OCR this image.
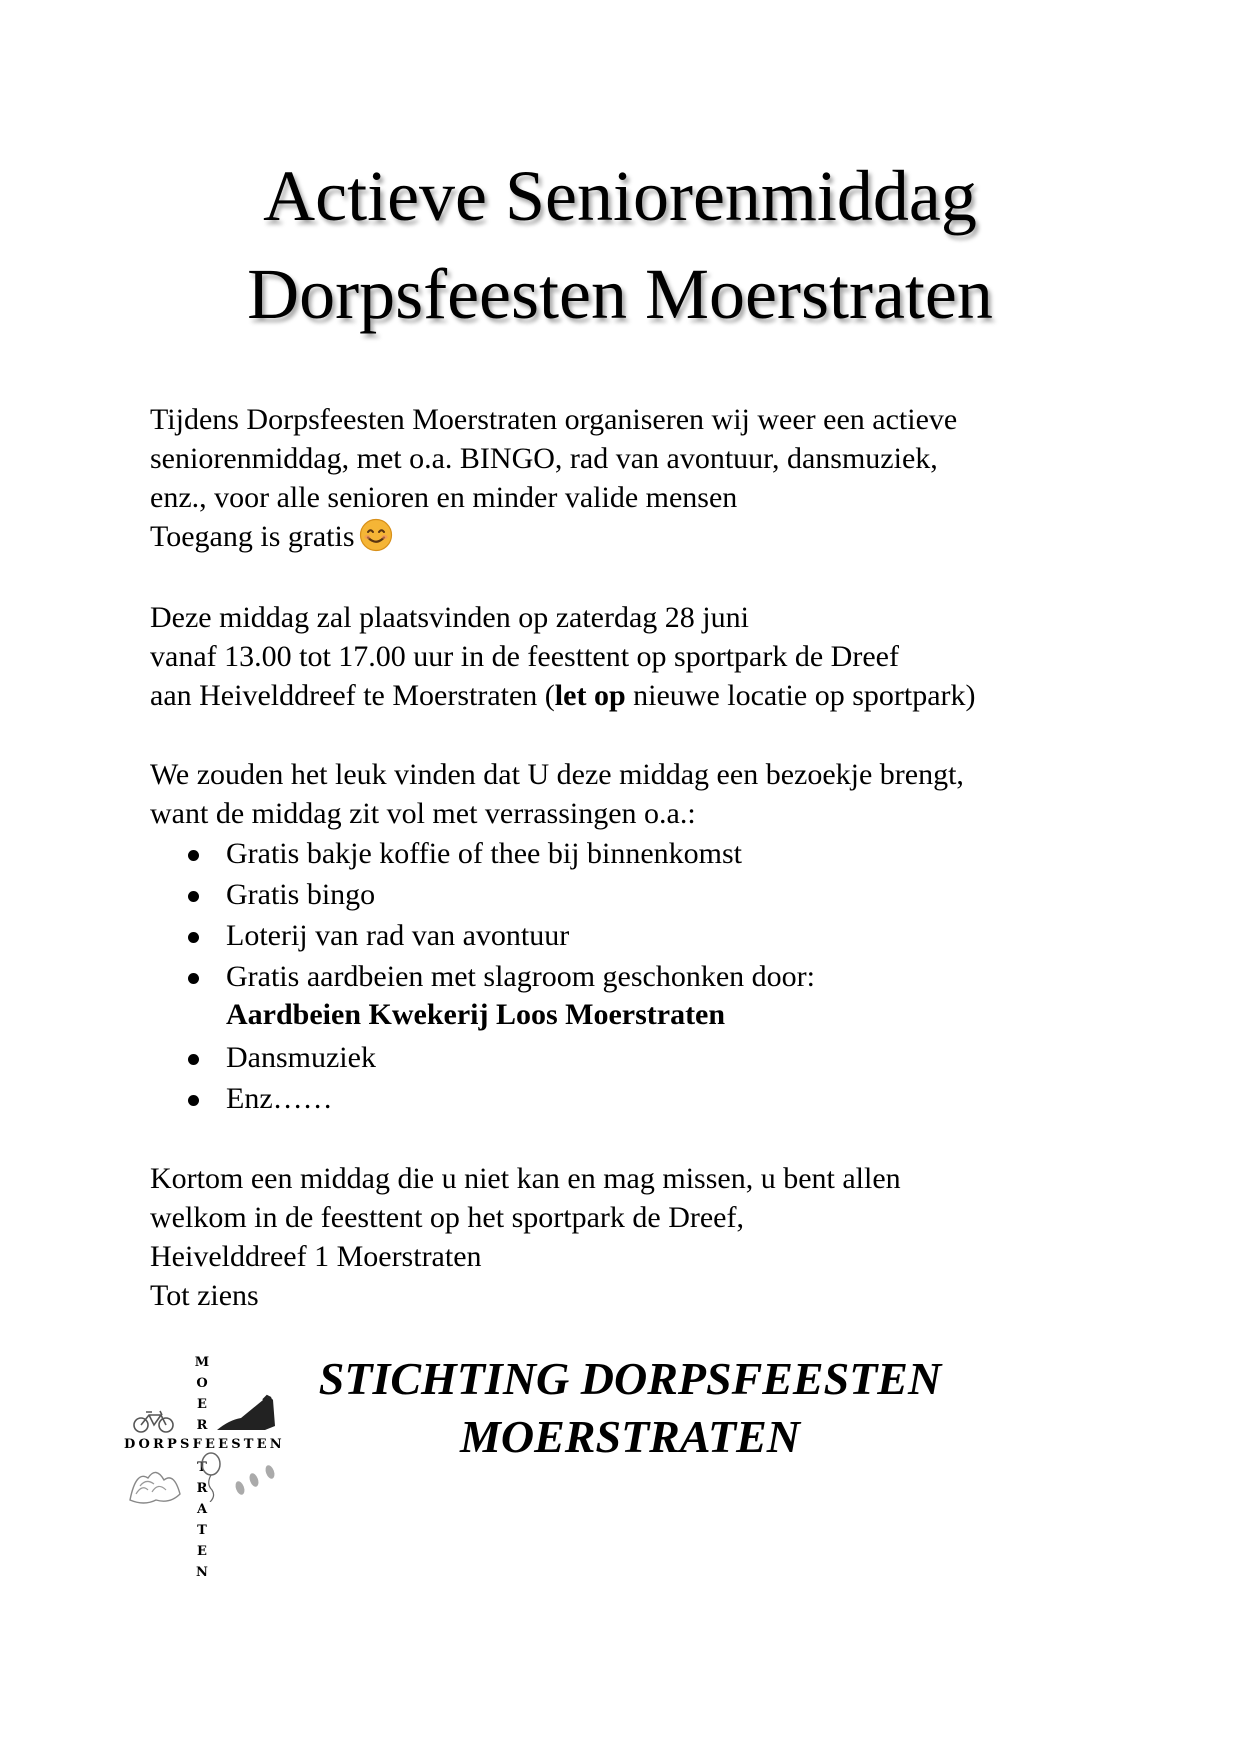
Actieve Seniorenmiddag
Dorpsfeesten Moerstraten

Tijdens Dorpsfeesten Moerstraten organiseren wij weer een actieve
seniorenmiddag, met o.a. BINGO, rad van avontuur, dansmuziek,
enz., voor alle senioren en minder valide mensen
Toegang is gratis

Deze middag zal plaatsvinden op zaterdag 28 juni
vanaf 13.00 tot 17.00 uur in de feesttent op sportpark de Dreef
aan Heivelddreef te Moerstraten (let op nieuwe locatie op sportpark)

We zouden het leuk vinden dat U deze middag een bezoekje brengt,
want de middag zit vol met verrassingen o.a.:

Gratis bakje koffie of thee bij binnenkomst
Gratis bingo
Loterij van rad van avontuur
Gratis aardbeien met slagroom geschonken door:
Aardbeien Kwekerij Loos Moerstraten
Dansmuziek
Enz……

Kortom een middag die u niet kan en mag missen, u bent allen
welkom in de feesttent op het sportpark de Dreef,
Heivelddreef 1 Moerstraten
Tot ziens

M
O
E
R
T
R
A
T
E
N

DORPSFEESTEN

STICHTING DORPSFEESTEN
MOERSTRATEN
